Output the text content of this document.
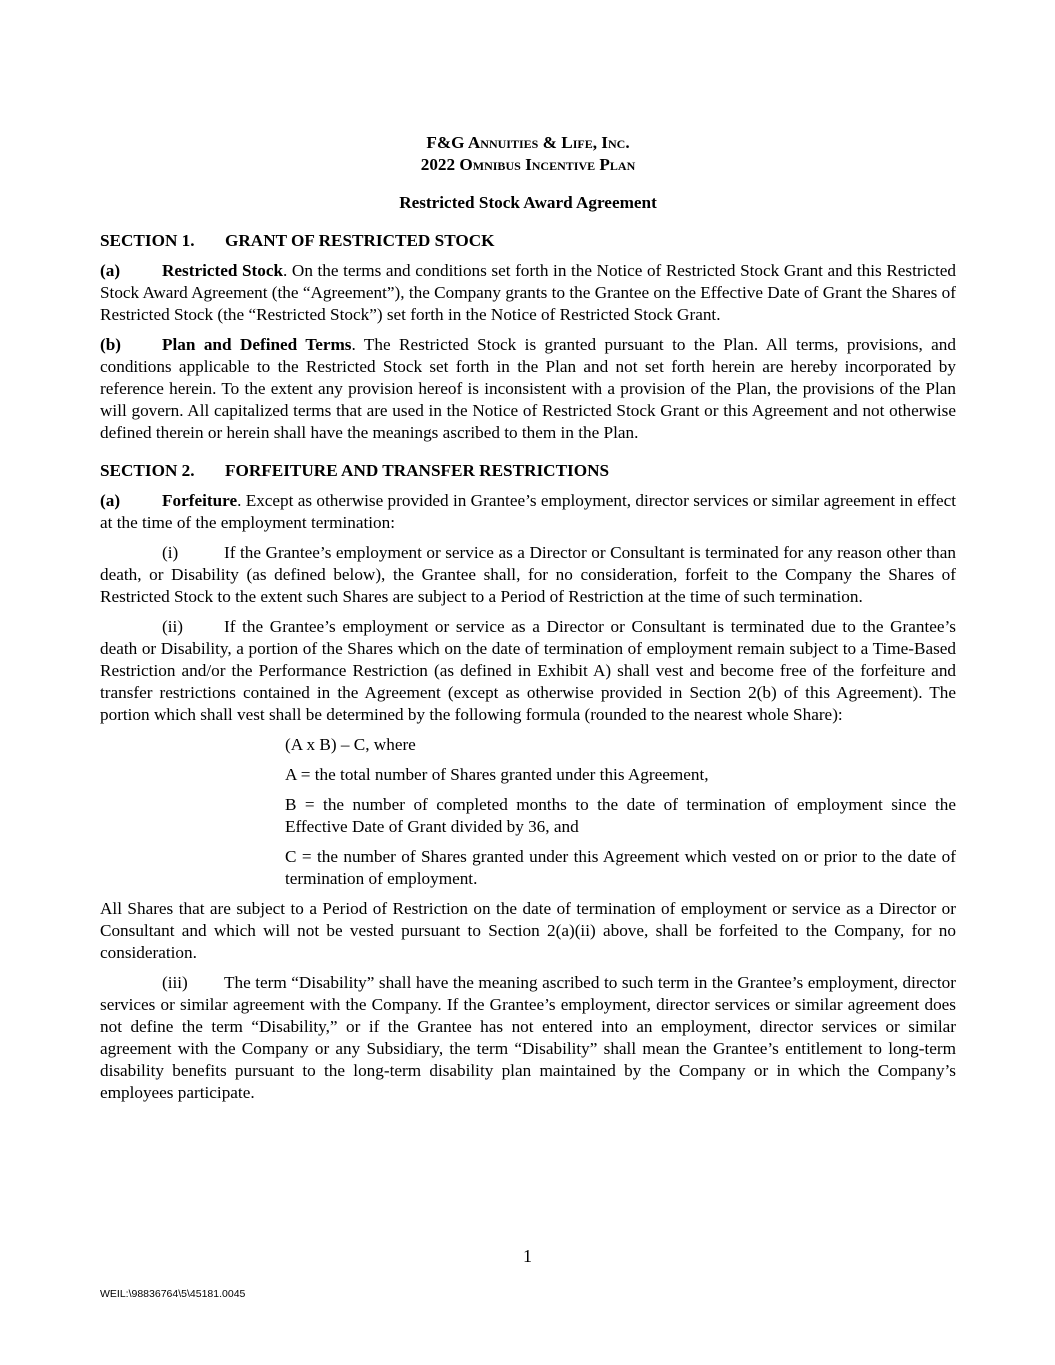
F&G Annuities & Life, Inc.
2022 Omnibus Incentive Plan
Restricted Stock Award Agreement
SECTION 1. GRANT OF RESTRICTED STOCK

(a) Restricted Stock. On the terms and conditions set forth in the Notice of Restricted Stock Grant and this Restricted Stock Award Agreement (the “Agreement”), the Company grants to the Grantee on the Effective Date of Grant the Shares of Restricted Stock (the “Restricted Stock”) set forth in the Notice of Restricted Stock Grant.

(b) Plan and Defined Terms. The Restricted Stock is granted pursuant to the Plan. All terms, provisions, and conditions applicable to the Restricted Stock set forth in the Plan and not set forth herein are hereby incorporated by reference herein. To the extent any provision hereof is inconsistent with a provision of the Plan, the provisions of the Plan will govern. All capitalized terms that are used in the Notice of Restricted Stock Grant or this Agreement and not otherwise defined therein or herein shall have the meanings ascribed to them in the Plan.

SECTION 2. FORFEITURE AND TRANSFER RESTRICTIONS

(a) Forfeiture. Except as otherwise provided in Grantee’s employment, director services or similar agreement in effect at the time of the employment termination:

(i)	If the Grantee’s employment or service as a Director or Consultant is terminated for any reason other than death, or Disability (as defined below), the Grantee shall, for no consideration, forfeit to the Company the Shares of Restricted Stock to the extent such Shares are subject to a Period of Restriction at the time of such termination.

(ii) If the Grantee’s employment or service as a Director or Consultant is terminated due to the Grantee’s death or Disability, a portion of the Shares which on the date of termination of employment remain subject to a Time-Based Restriction and/or the Performance Restriction (as defined in Exhibit A) shall vest and become free of the forfeiture and transfer restrictions contained in the Agreement (except as otherwise provided in Section 2(b) of this Agreement). The portion which shall vest shall be determined by the following formula (rounded to the nearest whole Share):

(A x B) – C, where

A = the total number of Shares granted under this Agreement,

B = the number of completed months to the date of termination of employment since the Effective Date of Grant divided by 36, and

C = the number of Shares granted under this Agreement which vested on or prior to the date of termination of employment.

All Shares that are subject to a Period of Restriction on the date of termination of employment or service as a Director or Consultant and which will not be vested pursuant to Section 2(a)(ii) above, shall be forfeited to the Company, for no consideration.

(iii) The term “Disability” shall have the meaning ascribed to such term in the Grantee’s employment, director services or similar agreement with the Company. If the Grantee’s employment, director services or similar agreement does not define the term “Disability,” or if the Grantee has not entered into an employment, director services or similar agreement with the Company or any Subsidiary, the term “Disability” shall mean the Grantee’s entitlement to long-term disability benefits pursuant to the long-term disability plan maintained by the Company or in which the Company’s employees participate.

1
WEIL:\98836764\5\45181.0045
